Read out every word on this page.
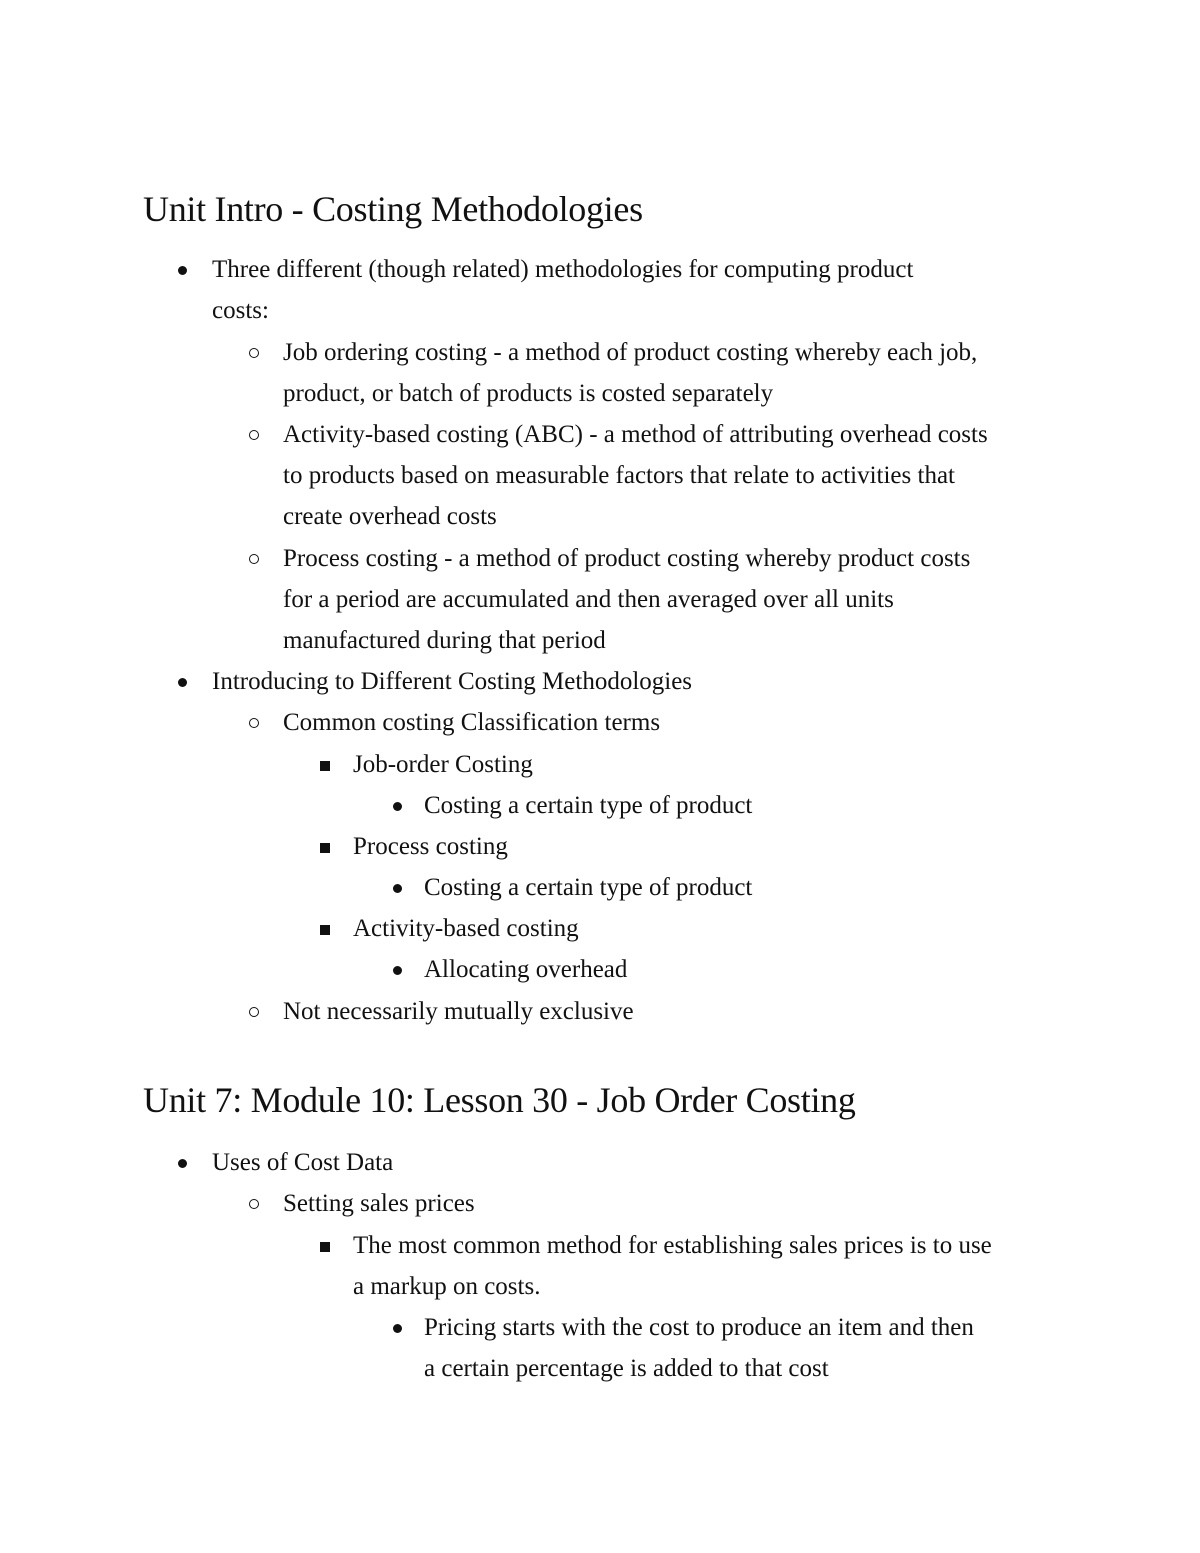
Unit Intro - Costing Methodologies

Three different (though related) methodologies for computing product

costs:

Job ordering costing - a method of product costing whereby each job,

product, or batch of products is costed separately

Activity-based costing (ABC) - a method of attributing overhead costs

to products based on measurable factors that relate to activities that

create overhead costs

Process costing - a method of product costing whereby product costs

for a period are accumulated and then averaged over all units

manufactured during that period

Introducing to Different Costing Methodologies

Common costing Classification terms

Job-order Costing

Costing a certain type of product

Process costing

Costing a certain type of product

Activity-based costing

Allocating overhead

Not necessarily mutually exclusive

Unit 7: Module 10: Lesson 30 - Job Order Costing

Uses of Cost Data

Setting sales prices

The most common method for establishing sales prices is to use

a markup on costs.

Pricing starts with the cost to produce an item and then

a certain percentage is added to that cost
